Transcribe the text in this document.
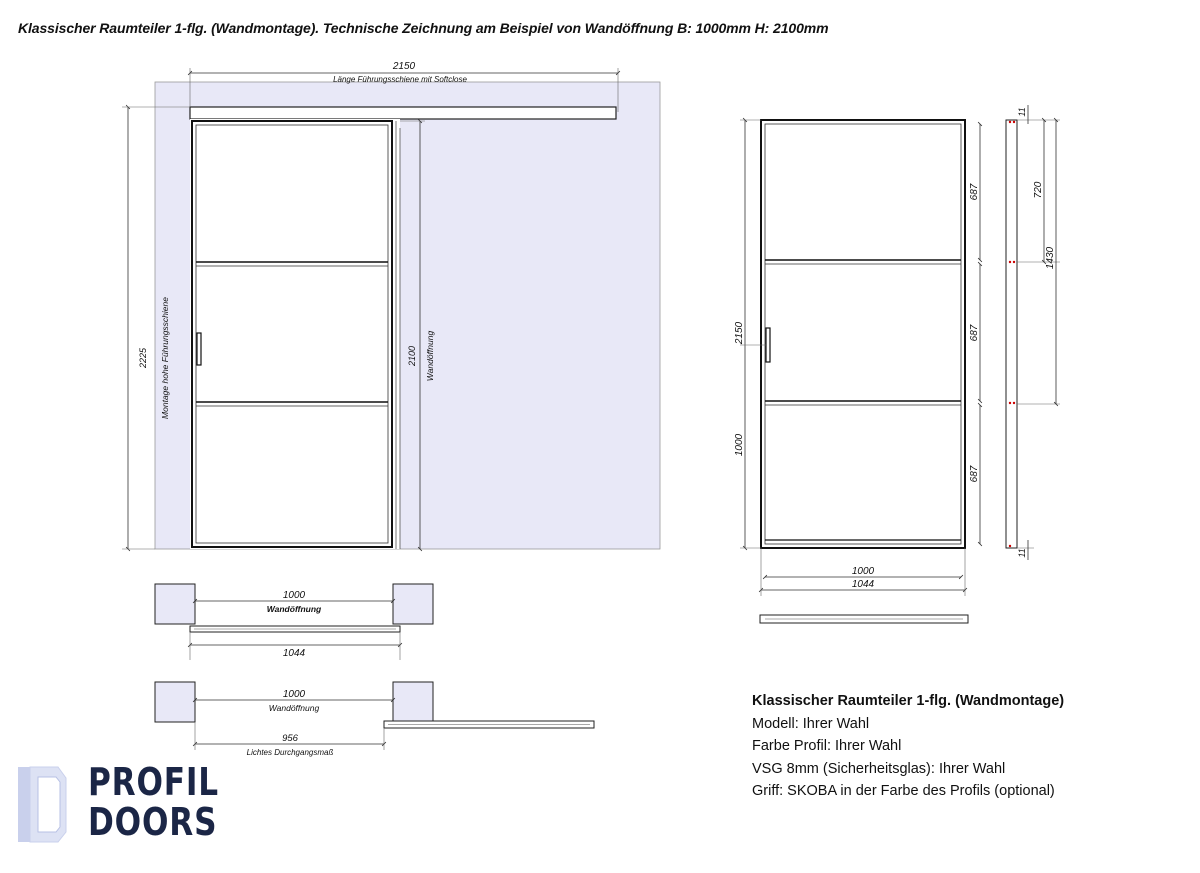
Klassischer Raumteiler 1-flg. (Wandmontage). Technische Zeichnung am Beispiel von Wandöffnung B: 1000mm H: 2100mm
2150
Länge Führungsschiene mit Softclose
2225 Montage hohe Führungsschiene	2100 Wandöffnung
1000
Wandöffnung
1044
1000
Wandöffnung
956
Lichtes Durchgangsmaß
2150
1000
687
687
687
1000
1044
11
11
720
1430
Klassischer Raumteiler 1-flg. (Wandmontage)
Modell: Ihrer Wahl
Farbe Profil: Ihrer Wahl
VSG 8mm (Sicherheitsglas): Ihrer Wahl
Griff: SKOBA in der Farbe des Profils (optional)
PROFIL
DOORS
